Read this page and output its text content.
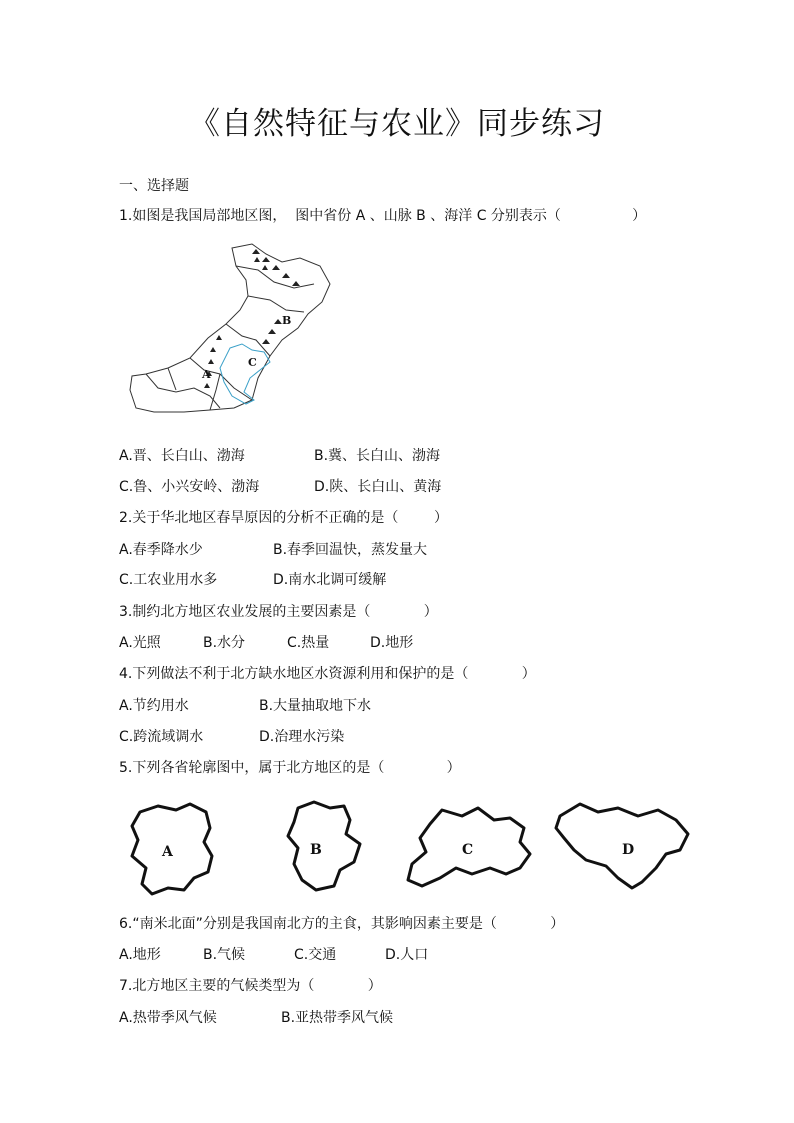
《自然特征与农业》同步练习
一、选择题
1.如图是我国局部地区图，  图中省份 A 、山脉 B 、海洋 C 分别表示（                ）
A
B
C
A.晋、长白山、渤海	B.冀、长白山、渤海
C.鲁、小兴安岭、渤海	D.陕、长白山、黄海
2.关于华北地区春旱原因的分析不正确的是（        ）
A.春季降水少	B.春季回温快，蒸发量大
C.工农业用水多	D.南水北调可缓解
3.制约北方地区农业发展的主要因素是（            ）
A.光照	B.水分	C.热量	D.地形
4.下列做法不利于北方缺水地区水资源利用和保护的是（            ）
A.节约用水	B.大量抽取地下水
C.跨流域调水	D.治理水污染
5.下列各省轮廓图中，属于北方地区的是（              ）
A	B	C	D
6.“南米北面”分别是我国南北方的主食，其影响因素主要是（            ）
A.地形	B.气候	C.交通	D.人口
7.北方地区主要的气候类型为（            ）
A.热带季风气候	B.亚热带季风气候
